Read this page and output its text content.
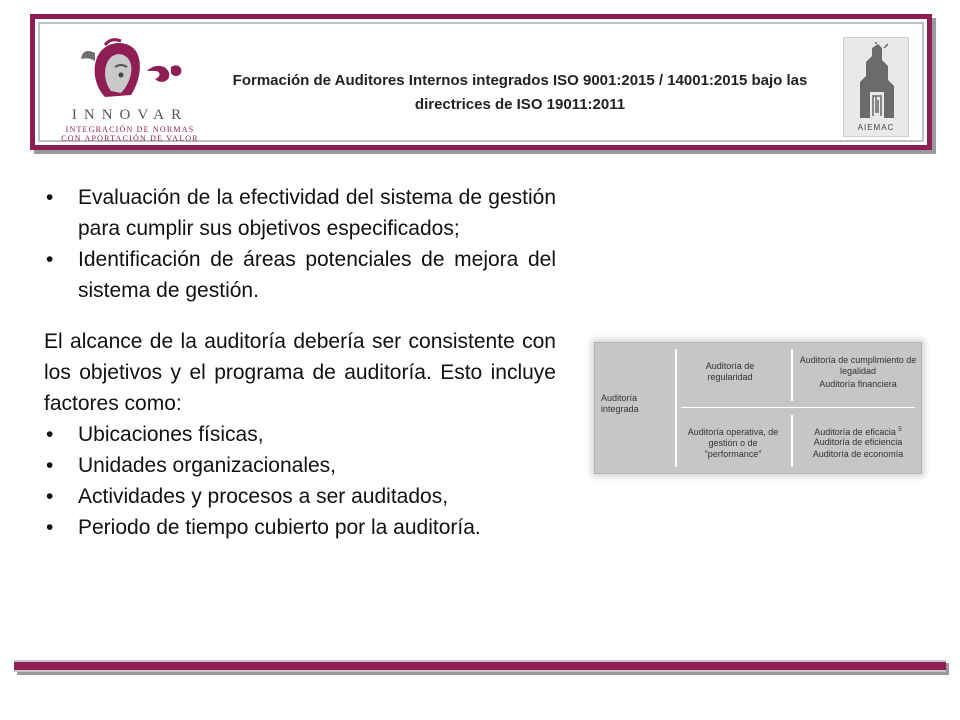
INNOVAR
INTEGRACIÓN DE NORMAS CON APORTACIÓN DE VALOR
Formación de Auditores Internos integrados ISO 9001:2015 / 14001:2015 bajo las directrices de ISO 19011:2011
AIEMAC
• Evaluación de la efectividad del sistema de gestión para cumplir sus objetivos especificados;
• Identificación de áreas potenciales de mejora del sistema de gestión.

El alcance de la auditoría debería ser consistente con los objetivos y el programa de auditoría. Esto incluye factores como:

• Ubicaciones físicas,
• Unidades organizacionales,
• Actividades y procesos a ser auditados,
• Periodo de tiempo cubierto por la auditoría.
Auditoría integrada
Auditoría de regularidad
Auditoría de cumplimiento de legalidad
Auditoría financiera
Auditoría operativa, de gestión o de “performance”
Auditoría de eficacia $^5$
Auditoría de eficiencia
Auditoría de economía
